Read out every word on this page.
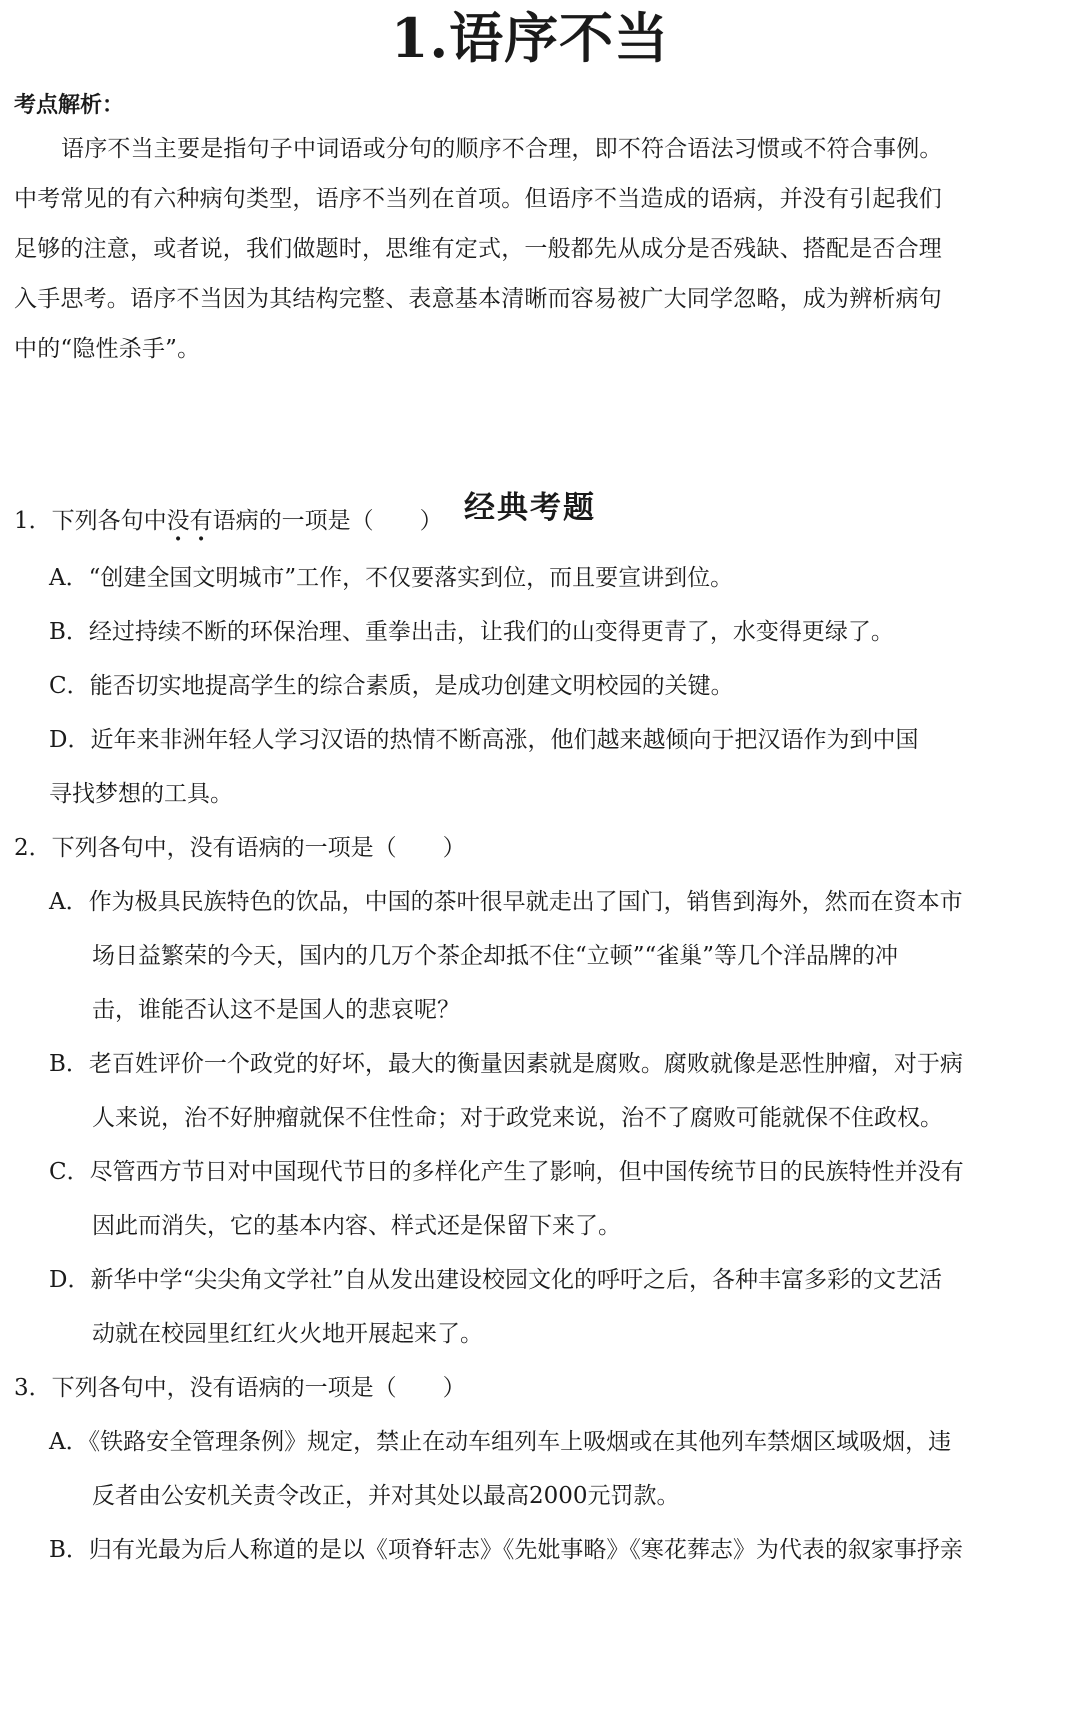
1.语序不当
考点解析：
语序不当主要是指句子中词语或分句的顺序不合理，即不符合语法习惯或不符合事例。
中考常见的有六种病句类型，语序不当列在首项。但语序不当造成的语病，并没有引起我们
足够的注意，或者说，我们做题时，思维有定式，一般都先从成分是否残缺、搭配是否合理
入手思考。语序不当因为其结构完整、表意基本清晰而容易被广大同学忽略，成为辨析病句
中的“隐性杀手”。
经典考题
1．下列各句中没有语病的一项是（　　）
A．“创建全国文明城市”工作，不仅要落实到位，而且要宣讲到位。
B．经过持续不断的环保治理、重拳出击，让我们的山变得更青了，水变得更绿了。
C．能否切实地提高学生的综合素质，是成功创建文明校园的关键。
D．近年来非洲年轻人学习汉语的热情不断高涨，他们越来越倾向于把汉语作为到中国
寻找梦想的工具。
2．下列各句中，没有语病的一项是（　　）
A．作为极具民族特色的饮品，中国的茶叶很早就走出了国门，销售到海外，然而在资本市
场日益繁荣的今天，国内的几万个茶企却抵不住“立顿”“雀巢”等几个洋品牌的冲
击，谁能否认这不是国人的悲哀呢？
B．老百姓评价一个政党的好坏，最大的衡量因素就是腐败。腐败就像是恶性肿瘤，对于病
人来说，治不好肿瘤就保不住性命；对于政党来说，治不了腐败可能就保不住政权。
C．尽管西方节日对中国现代节日的多样化产生了影响，但中国传统节日的民族特性并没有
因此而消失，它的基本内容、样式还是保留下来了。
D．新华中学“尖尖角文学社”自从发出建设校园文化的呼吁之后，各种丰富多彩的文艺活
动就在校园里红红火火地开展起来了。
3．下列各句中，没有语病的一项是（　　）
A．《铁路安全管理条例》规定，禁止在动车组列车上吸烟或在其他列车禁烟区域吸烟，违
反者由公安机关责令改正，并对其处以最高2000元罚款。
B．归有光最为后人称道的是以《项脊轩志》《先妣事略》《寒花葬志》为代表的叙家事抒亲
